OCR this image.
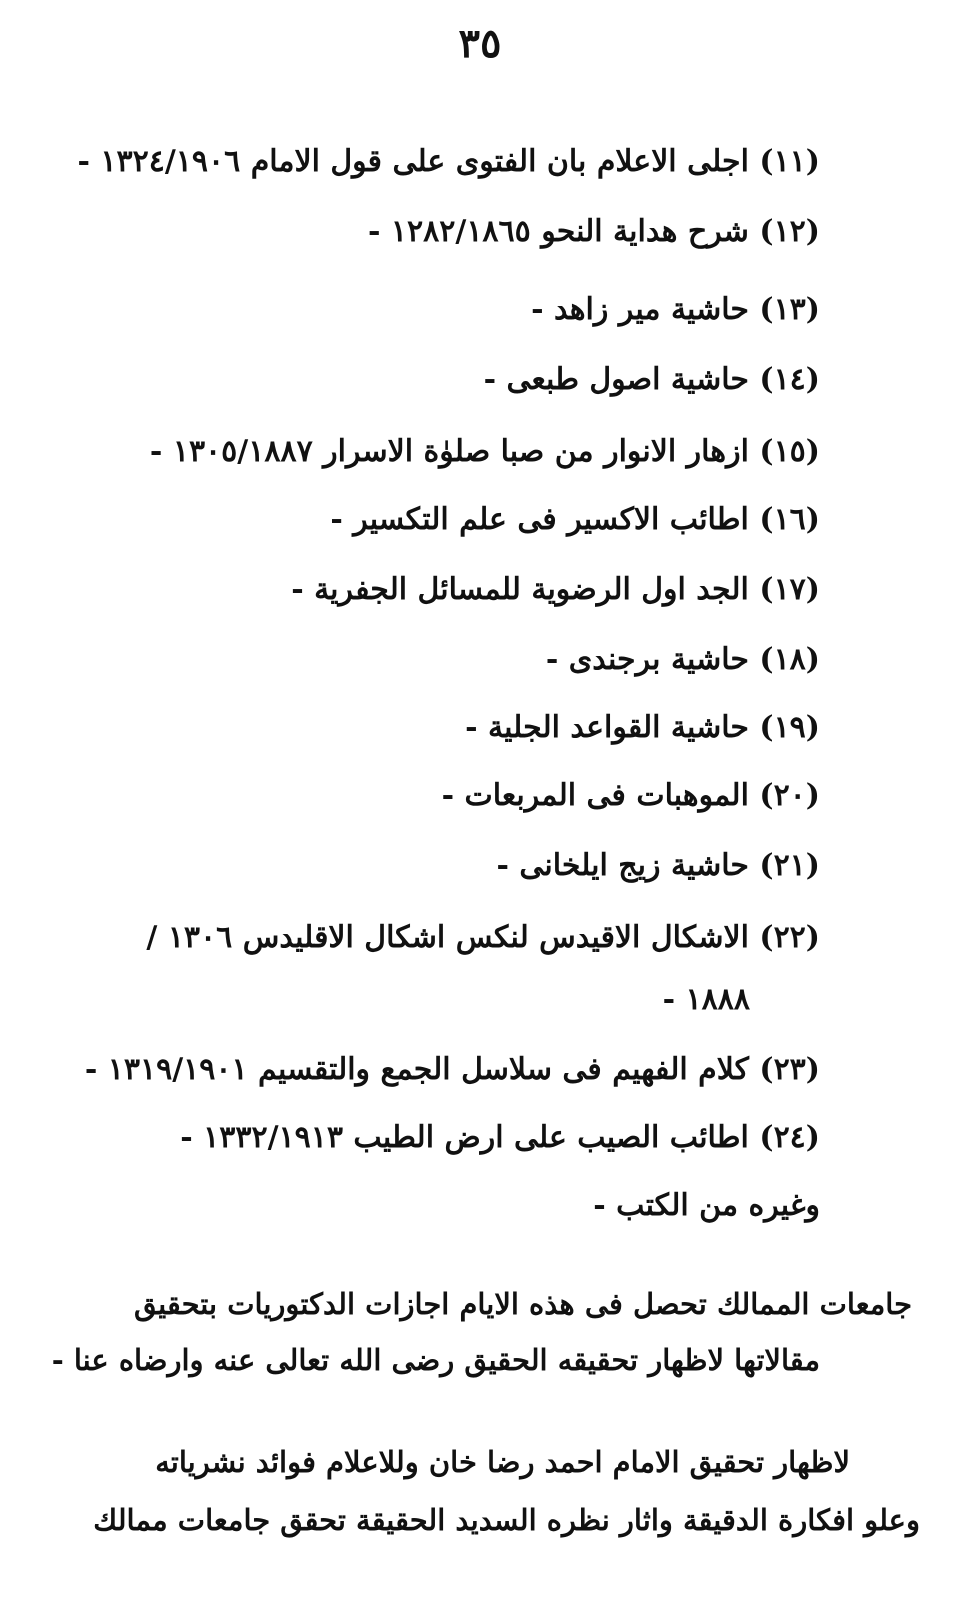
٣٥
(١١) اجلى الاعلام بان الفتوى على قول الامام ١٣٢٤/١٩٠٦ -
(١٢) شرح هداية النحو ١٢٨٢/١٨٦٥ -
(١٣) حاشية مير زاهد -
(١٤) حاشية اصول طبعى -
(١٥) ازهار الانوار من صبا صلوٰة الاسرار ١٣٠٥/١٨٨٧ -
(١٦) اطائب الاكسير فى علم التكسير -
(١٧) الجد اول الرضوية للمسائل الجفرية -
(١٨) حاشية برجندى -
(١٩) حاشية القواعد الجلية -
(٢٠) الموهبات فى المربعات -
(٢١) حاشية زيج ايلخانى -
(٢٢) الاشكال الاقيدس لنكس اشكال الاقليدس ١٣٠٦ /
١٨٨٨ -
(٢٣) كلام الفهيم فى سلاسل الجمع والتقسيم ١٣١٩/١٩٠١ -
(٢٤) اطائب الصيب على ارض الطيب ١٣٣٢/١٩١٣ -
وغيره من الكتب -
جامعات الممالك تحصل فى هذه الايام اجازات الدكتوريات بتحقيق
مقالاتها لاظهار تحقيقه الحقيق رضى الله تعالى عنه وارضاه عنا -
لاظهار تحقيق الامام احمد رضا خان وللاعلام فوائد نشرياته
وعلو افكارة الدقيقة واثار نظره السديد الحقيقة تحقق جامعات ممالك
